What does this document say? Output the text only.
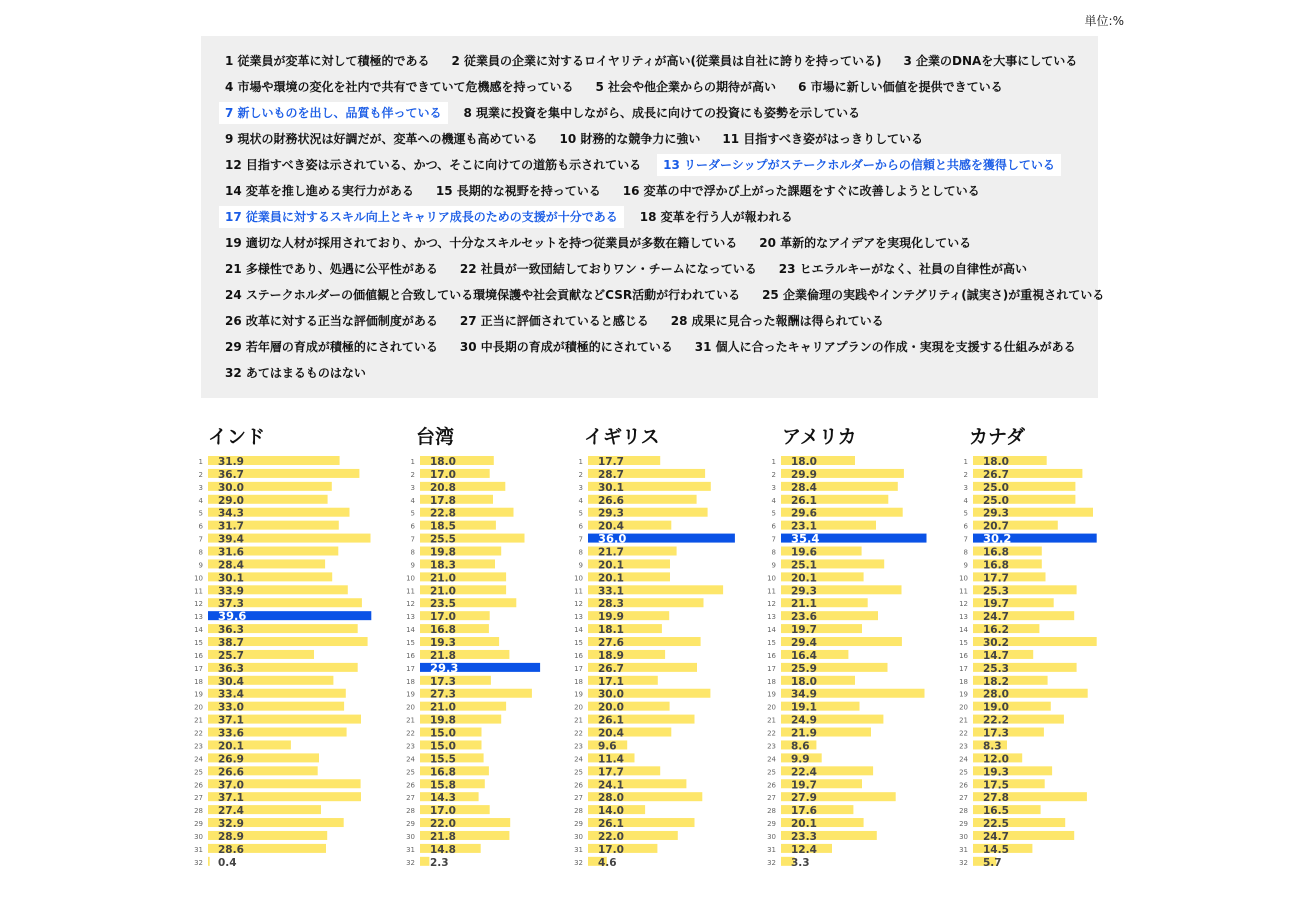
単位:%
1 従業員が変革に対して積極的である 2 従業員の企業に対するロイヤリティが高い(従業員は自社に誇りを持っている) 3 企業のDNAを大事にしている
4 市場や環境の変化を社内で共有できていて危機感を持っている 5 社会や他企業からの期待が高い 6 市場に新しい価値を提供できている
7 新しいものを出し、品質も伴っている 8 現業に投資を集中しながら、成長に向けての投資にも姿勢を示している
9 現状の財務状況は好調だが、変革への機運も高めている 10 財務的な競争力に強い 11 目指すべき姿がはっきりしている
12 目指すべき姿は示されている、かつ、そこに向けての道筋も示されている 13 リーダーシップがステークホルダーからの信頼と共感を獲得している
14 変革を推し進める実行力がある 15 長期的な視野を持っている 16 変革の中で浮かび上がった課題をすぐに改善しようとしている
17 従業員に対するスキル向上とキャリア成長のための支援が十分である 18 変革を行う人が報われる
19 適切な人材が採用されており、かつ、十分なスキルセットを持つ従業員が多数在籍している 20 革新的なアイデアを実現化している
21 多様性であり、処遇に公平性がある 22 社員が一致団結しておりワン・チームになっている 23 ヒエラルキーがなく、社員の自律性が高い
24 ステークホルダーの価値観と合致している環境保護や社会貢献などCSR活動が行われている 25 企業倫理の実践やインテグリティ(誠実さ)が重視されている
26 改革に対する正当な評価制度がある 27 正当に評価されていると感じる 28 成果に見合った報酬は得られている
29 若年層の育成が積極的にされている 30 中長期の育成が積極的にされている 31 個人に合ったキャリアプランの作成・実現を支援する仕組みがある
32 あてはまるものはない
インド
1 31.9
2 36.7
3 30.0
4 29.0
5 34.3
6 31.7
7 39.4
8 31.6
9 28.4
10 30.1
11 33.9
12 37.3
13 39.6
14 36.3
15 38.7
16 25.7
17 36.3
18 30.4
19 33.4
20 33.0
21 37.1
22 33.6
23 20.1
24 26.9
25 26.6
26 37.0
27 37.1
28 27.4
29 32.9
30 28.9
31 28.6
32 0.4
台湾
1 18.0
2 17.0
3 20.8
4 17.8
5 22.8
6 18.5
7 25.5
8 19.8
9 18.3
10 21.0
11 21.0
12 23.5
13 17.0
14 16.8
15 19.3
16 21.8
17 29.3
18 17.3
19 27.3
20 21.0
21 19.8
22 15.0
23 15.0
24 15.5
25 16.8
26 15.8
27 14.3
28 17.0
29 22.0
30 21.8
31 14.8
32 2.3
イギリス
1 17.7
2 28.7
3 30.1
4 26.6
5 29.3
6 20.4
7 36.0
8 21.7
9 20.1
10 20.1
11 33.1
12 28.3
13 19.9
14 18.1
15 27.6
16 18.9
17 26.7
18 17.1
19 30.0
20 20.0
21 26.1
22 20.4
23 9.6
24 11.4
25 17.7
26 24.1
27 28.0
28 14.0
29 26.1
30 22.0
31 17.0
32 4.6
アメリカ
1 18.0
2 29.9
3 28.4
4 26.1
5 29.6
6 23.1
7 35.4
8 19.6
9 25.1
10 20.1
11 29.3
12 21.1
13 23.6
14 19.7
15 29.4
16 16.4
17 25.9
18 18.0
19 34.9
20 19.1
21 24.9
22 21.9
23 8.6
24 9.9
25 22.4
26 19.7
27 27.9
28 17.6
29 20.1
30 23.3
31 12.4
32 3.3
カナダ
1 18.0
2 26.7
3 25.0
4 25.0
5 29.3
6 20.7
7 30.2
8 16.8
9 16.8
10 17.7
11 25.3
12 19.7
13 24.7
14 16.2
15 30.2
16 14.7
17 25.3
18 18.2
19 28.0
20 19.0
21 22.2
22 17.3
23 8.3
24 12.0
25 19.3
26 17.5
27 27.8
28 16.5
29 22.5
30 24.7
31 14.5
32 5.7
